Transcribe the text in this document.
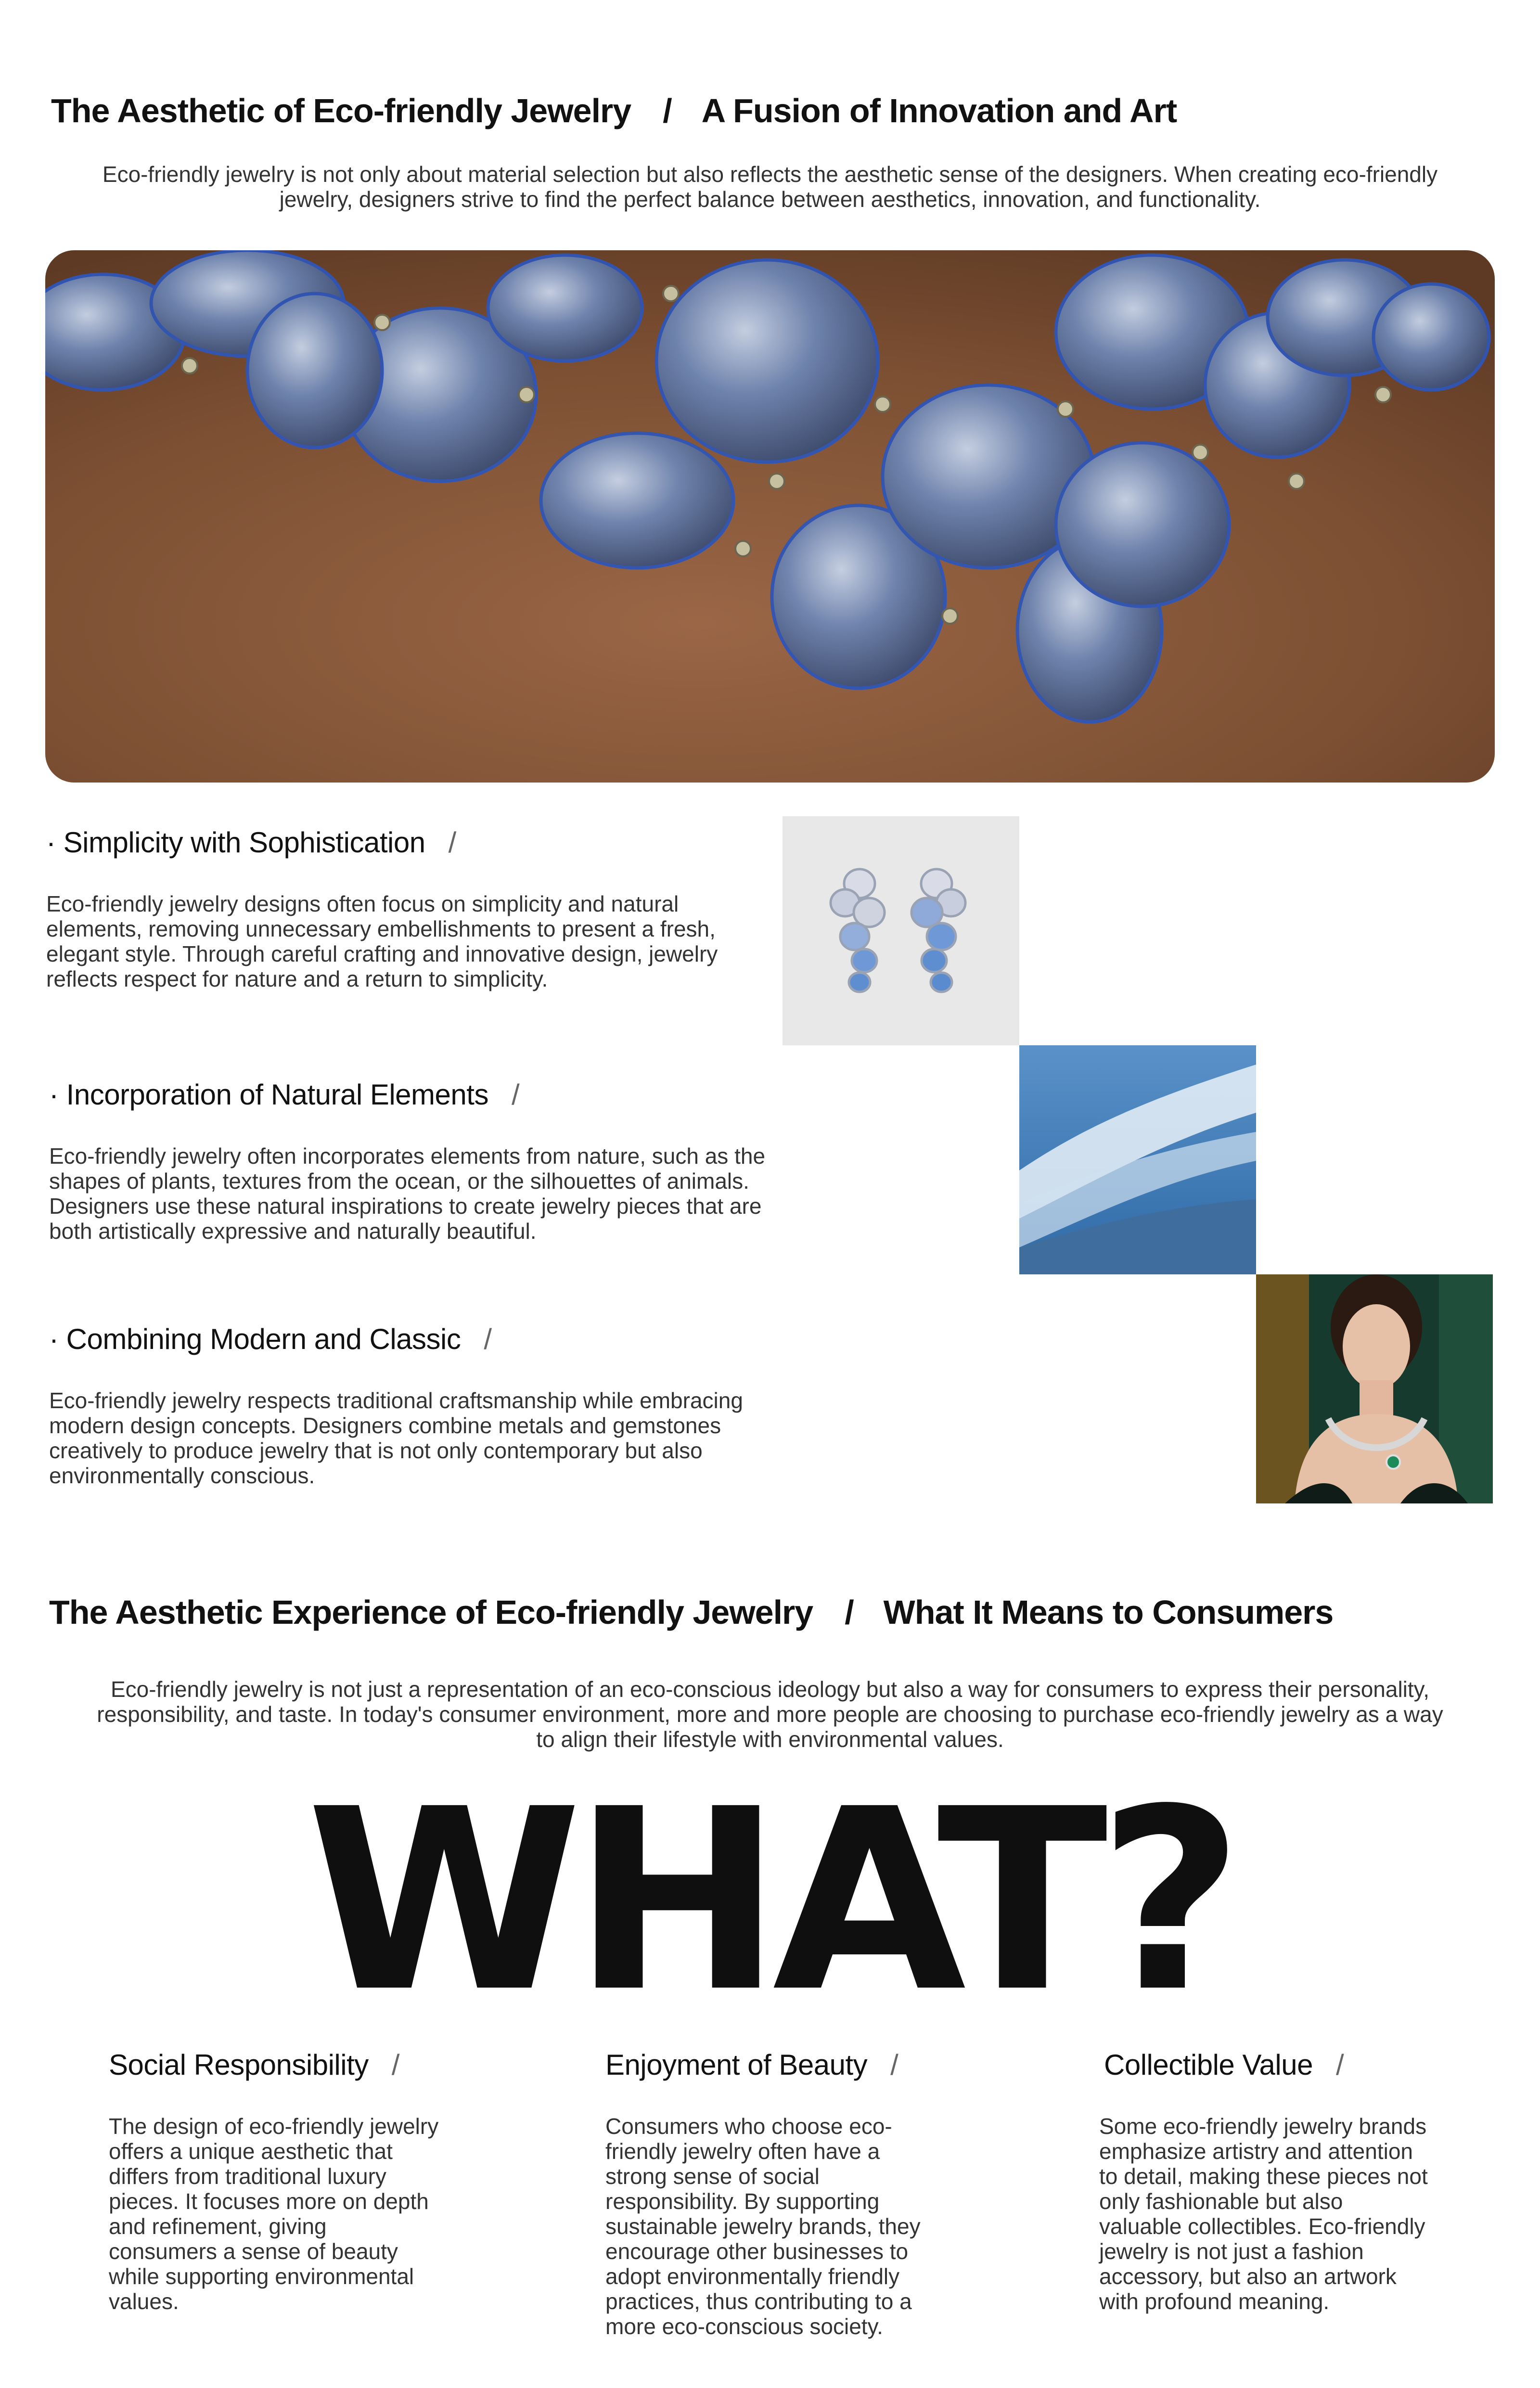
The Aesthetic of Eco-friendly Jewelry / A Fusion of Innovation and Art
Eco-friendly jewelry is not only about material selection but also reflects the aesthetic sense of the designers. When creating eco-friendly jewelry, designers strive to find the perfect balance between aesthetics, innovation, and functionality.
· Simplicity with Sophistication /
Eco-friendly jewelry designs often focus on simplicity and natural elements, removing unnecessary embellishments to present a fresh, elegant style. Through careful crafting and innovative design, jewelry reflects respect for nature and a return to simplicity.
· Incorporation of Natural Elements /
Eco-friendly jewelry often incorporates elements from nature, such as the shapes of plants, textures from the ocean, or the silhouettes of animals. Designers use these natural inspirations to create jewelry pieces that are both artistically expressive and naturally beautiful.
· Combining Modern and Classic /
Eco-friendly jewelry respects traditional craftsmanship while embracing modern design concepts. Designers combine metals and gemstones creatively to produce jewelry that is not only contemporary but also environmentally conscious.
The Aesthetic Experience of Eco-friendly Jewelry / What It Means to Consumers
Eco-friendly jewelry is not just a representation of an eco-conscious ideology but also a way for consumers to express their personality, responsibility, and taste. In today's consumer environment, more and more people are choosing to purchase eco-friendly jewelry as a way to align their lifestyle with environmental values.
WHAT?
Social Responsibility /
The design of eco-friendly jewelry offers a unique aesthetic that differs from traditional luxury pieces. It focuses more on depth and refinement, giving consumers a sense of beauty while supporting environmental values.
Enjoyment of Beauty /
Consumers who choose eco-friendly jewelry often have a strong sense of social responsibility. By supporting sustainable jewelry brands, they encourage other businesses to adopt environmentally friendly practices, thus contributing to a more eco-conscious society.
Collectible Value /
Some eco-friendly jewelry brands emphasize artistry and attention to detail, making these pieces not only fashionable but also valuable collectibles. Eco-friendly jewelry is not just a fashion accessory, but also an artwork with profound meaning.
